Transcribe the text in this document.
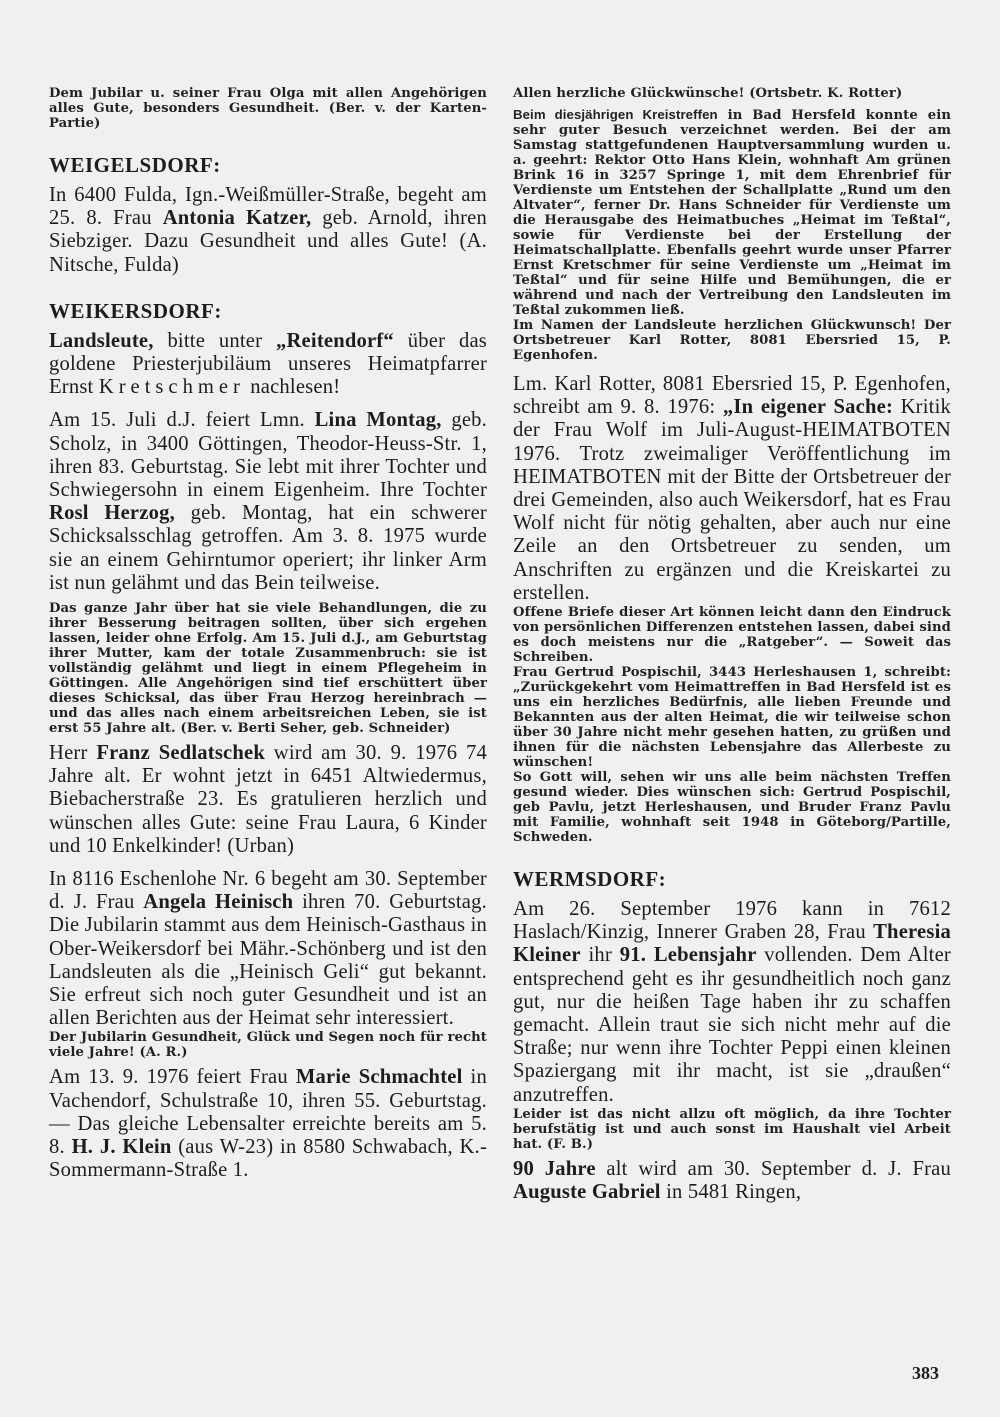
Dem Jubilar u. seiner Frau Olga mit allen Angehörigen alles Gute, besonders Gesundheit. (Ber. v. der Karten-Partie)

WEIGELSDORF:

In 6400 Fulda, Ign.-Weißmüller-Straße, begeht am 25. 8. Frau Antonia Katzer, geb. Arnold, ihren Siebziger. Dazu Gesundheit und alles Gute! (A. Nitsche, Fulda)

WEIKERSDORF:

Landsleute, bitte unter „Reitendorf“ über das goldene Priesterjubiläum unseres Heimatpfarrer Ernst Kretschmer nachlesen!

Am 15. Juli d.J. feiert Lmn. Lina Montag, geb. Scholz, in 3400 Göttingen, Theodor-Heuss-Str. 1, ihren 83. Geburtstag. Sie lebt mit ihrer Tochter und Schwiegersohn in einem Eigenheim. Ihre Tochter Rosl Herzog, geb. Montag, hat ein schwerer Schicksalsschlag getroffen. Am 3. 8. 1975 wurde sie an einem Gehirntumor operiert; ihr linker Arm ist nun gelähmt und das Bein teilweise.

Das ganze Jahr über hat sie viele Behandlungen, die zu ihrer Besserung beitragen sollten, über sich ergehen lassen, leider ohne Erfolg. Am 15. Juli d.J., am Geburtstag ihrer Mutter, kam der totale Zusammenbruch: sie ist vollständig gelähmt und liegt in einem Pflegeheim in Göttingen. Alle Angehörigen sind tief erschüttert über dieses Schicksal, das über Frau Herzog hereinbrach — und das alles nach einem arbeitsreichen Leben, sie ist erst 55 Jahre alt. (Ber. v. Berti Seher, geb. Schneider)

Herr Franz Sedlatschek wird am 30. 9. 1976 74 Jahre alt. Er wohnt jetzt in 6451 Altwiedermus, Biebacherstraße 23. Es gratulieren herzlich und wünschen alles Gute: seine Frau Laura, 6 Kinder und 10 Enkelkinder! (Urban)

In 8116 Eschenlohe Nr. 6 begeht am 30. September d. J. Frau Angela Heinisch ihren 70. Geburtstag. Die Jubilarin stammt aus dem Heinisch-Gasthaus in Ober-Weikersdorf bei Mähr.-Schönberg und ist den Landsleuten als die „Heinisch Geli“ gut bekannt. Sie erfreut sich noch guter Gesundheit und ist an allen Berichten aus der Heimat sehr interessiert.

Der Jubilarin Gesundheit, Glück und Segen noch für recht viele Jahre! (A. R.)

Am 13. 9. 1976 feiert Frau Marie Schmachtel in Vachendorf, Schulstraße 10, ihren 55. Geburtstag. — Das gleiche Lebensalter erreichte bereits am 5. 8. H. J. Klein (aus W-23) in 8580 Schwabach, K.-Sommermann-Straße 1.

Allen herzliche Glückwünsche! (Ortsbetr. K. Rotter)

Beim diesjährigen Kreistreffen in Bad Hersfeld konnte ein sehr guter Besuch verzeichnet werden. Bei der am Samstag stattgefundenen Hauptversammlung wurden u. a. geehrt: Rektor Otto Hans Klein, wohnhaft Am grünen Brink 16 in 3257 Springe 1, mit dem Ehrenbrief für Verdienste um Entstehen der Schallplatte „Rund um den Altvater“, ferner Dr. Hans Schneider für Verdienste um die Herausgabe des Heimatbuches „Heimat im Teßtal“, sowie für Verdienste bei der Erstellung der Heimatschallplatte. Ebenfalls geehrt wurde unser Pfarrer Ernst Kretschmer für seine Verdienste um „Heimat im Teßtal“ und für seine Hilfe und Bemühungen, die er während und nach der Vertreibung den Landsleuten im Teßtal zukommen ließ.

Im Namen der Landsleute herzlichen Glückwunsch! Der Ortsbetreuer Karl Rotter, 8081 Ebersried 15, P. Egenhofen.

Lm. Karl Rotter, 8081 Ebersried 15, P. Egenhofen, schreibt am 9. 8. 1976: „In eigener Sache: Kritik der Frau Wolf im Juli-August-HEIMATBOTEN 1976. Trotz zweimaliger Veröffentlichung im HEIMATBOTEN mit der Bitte der Ortsbetreuer der drei Gemeinden, also auch Weikersdorf, hat es Frau Wolf nicht für nötig gehalten, aber auch nur eine Zeile an den Ortsbetreuer zu senden, um Anschriften zu ergänzen und die Kreiskartei zu erstellen.

Offene Briefe dieser Art können leicht dann den Eindruck von persönlichen Differenzen entstehen lassen, dabei sind es doch meistens nur die „Ratgeber“. — Soweit das Schreiben.

Frau Gertrud Pospischil, 3443 Herleshausen 1, schreibt: „Zurückgekehrt vom Heimattreffen in Bad Hersfeld ist es uns ein herzliches Bedürfnis, alle lieben Freunde und Bekannten aus der alten Heimat, die wir teilweise schon über 30 Jahre nicht mehr gesehen hatten, zu grüßen und ihnen für die nächsten Lebensjahre das Allerbeste zu wünschen!

So Gott will, sehen wir uns alle beim nächsten Treffen gesund wieder. Dies wünschen sich: Gertrud Pospischil, geb Pavlu, jetzt Herleshausen, und Bruder Franz Pavlu mit Familie, wohnhaft seit 1948 in Göteborg/Partille, Schweden.

WERMSDORF:

Am 26. September 1976 kann in 7612 Haslach/Kinzig, Innerer Graben 28, Frau Theresia Kleiner ihr 91. Lebensjahr vollenden. Dem Alter entsprechend geht es ihr gesundheitlich noch ganz gut, nur die heißen Tage haben ihr zu schaffen gemacht. Allein traut sie sich nicht mehr auf die Straße; nur wenn ihre Tochter Peppi einen kleinen Spaziergang mit ihr macht, ist sie „draußen“ anzutreffen.

Leider ist das nicht allzu oft möglich, da ihre Tochter berufstätig ist und auch sonst im Haushalt viel Arbeit hat. (F. B.)

90 Jahre alt wird am 30. September d. J. Frau Auguste Gabriel in 5481 Ringen,

383
